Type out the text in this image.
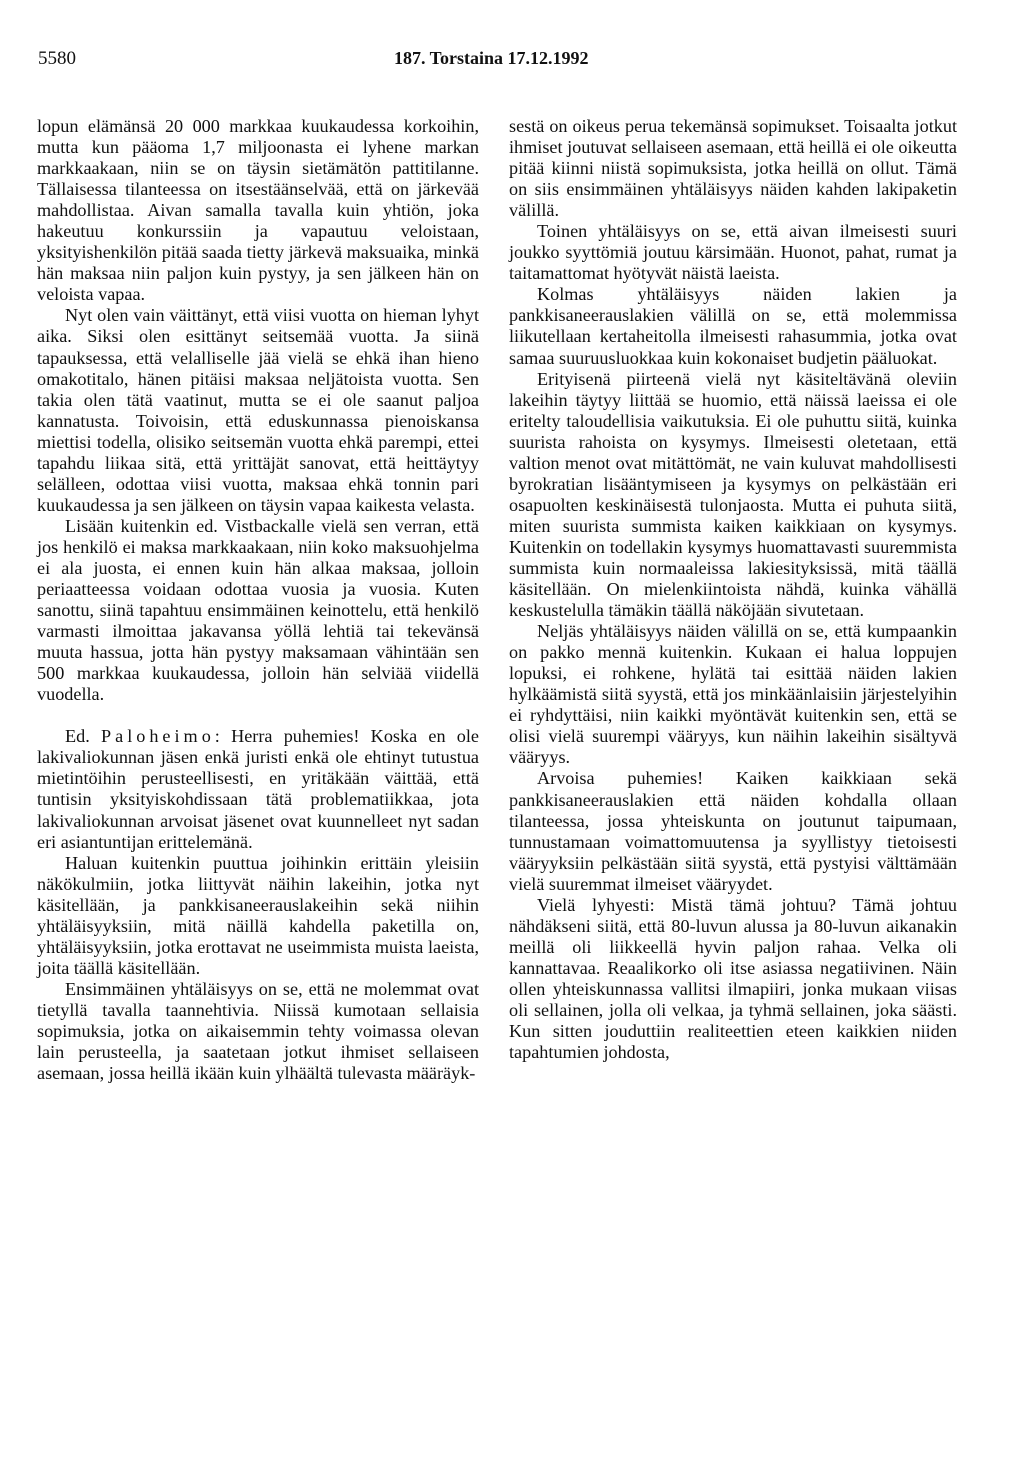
5580	187. Torstaina 17.12.1992

lopun elämänsä 20 000 markkaa kuukaudessa korkoihin, mutta kun pääoma 1,7 miljoonasta ei lyhene markan markkaakaan, niin se on täysin sietämätön pattitilanne. Tällaisessa tilanteessa on itsestäänselvää, että on järkevää mahdollistaa. Aivan samalla tavalla kuin yhtiön, joka hakeutuu konkurssiin ja vapautuu veloistaan, yksityishenkilön pitää saada tietty järkevä maksuaika, minkä hän maksaa niin paljon kuin pystyy, ja sen jälkeen hän on veloista vapaa.

Nyt olen vain väittänyt, että viisi vuotta on hieman lyhyt aika. Siksi olen esittänyt seitsemää vuotta. Ja siinä tapauksessa, että velalliselle jää vielä se ehkä ihan hieno omakotitalo, hänen pitäisi maksaa neljätoista vuotta. Sen takia olen tätä vaatinut, mutta se ei ole saanut paljoa kannatusta. Toivoisin, että eduskunnassa pienoiskansa miettisi todella, olisiko seitsemän vuotta ehkä parempi, ettei tapahdu liikaa sitä, että yrittäjät sanovat, että heittäytyy selälleen, odottaa viisi vuotta, maksaa ehkä tonnin pari kuukaudessa ja sen jälkeen on täysin vapaa kaikesta velasta.

Lisään kuitenkin ed. Vistbackalle vielä sen verran, että jos henkilö ei maksa markkaakaan, niin koko maksuohjelma ei ala juosta, ei ennen kuin hän alkaa maksaa, jolloin periaatteessa voidaan odottaa vuosia ja vuosia. Kuten sanottu, siinä tapahtuu ensimmäinen keinottelu, että henkilö varmasti ilmoittaa jakavansa yöllä lehtiä tai tekevänsä muuta hassua, jotta hän pystyy maksamaan vähintään sen 500 markkaa kuukaudessa, jolloin hän selviää viidellä vuodella.

Ed. Paloheimo: Herra puhemies! Koska en ole lakivaliokunnan jäsen enkä juristi enkä ole ehtinyt tutustua mietintöihin perusteellisesti, en yritäkään väittää, että tuntisin yksityiskohdissaan tätä problematiikkaa, jota lakivaliokunnan arvoisat jäsenet ovat kuunnelleet nyt sadan eri asiantuntijan erittelemänä.

Haluan kuitenkin puuttua joihinkin erittäin yleisiin näkökulmiin, jotka liittyvät näihin lakeihin, jotka nyt käsitellään, ja pankkisaneerauslakeihin sekä niihin yhtäläisyyksiin, mitä näillä kahdella paketilla on, yhtäläisyyksiin, jotka erottavat ne useimmista muista laeista, joita täällä käsitellään.

Ensimmäinen yhtäläisyys on se, että ne molemmat ovat tietyllä tavalla taannehtivia. Niissä kumotaan sellaisia sopimuksia, jotka on aikaisemmin tehty voimassa olevan lain perusteella, ja saatetaan jotkut ihmiset sellaiseen asemaan, jossa heillä ikään kuin ylhäältä tulevasta määräyk-

sestä on oikeus perua tekemänsä sopimukset. Toisaalta jotkut ihmiset joutuvat sellaiseen asemaan, että heillä ei ole oikeutta pitää kiinni niistä sopimuksista, jotka heillä on ollut. Tämä on siis ensimmäinen yhtäläisyys näiden kahden lakipaketin välillä.

Toinen yhtäläisyys on se, että aivan ilmeisesti suuri joukko syyttömiä joutuu kärsimään. Huonot, pahat, rumat ja taitamattomat hyötyvät näistä laeista.

Kolmas yhtäläisyys näiden lakien ja pankkisaneerauslakien välillä on se, että molemmissa liikutellaan kertaheitolla ilmeisesti rahasummia, jotka ovat samaa suuruusluokkaa kuin kokonaiset budjetin pääluokat.

Erityisenä piirteenä vielä nyt käsiteltävänä oleviin lakeihin täytyy liittää se huomio, että näissä laeissa ei ole eritelty taloudellisia vaikutuksia. Ei ole puhuttu siitä, kuinka suurista rahoista on kysymys. Ilmeisesti oletetaan, että valtion menot ovat mitättömät, ne vain kuluvat mahdollisesti byrokratian lisääntymiseen ja kysymys on pelkästään eri osapuolten keskinäisestä tulonjaosta. Mutta ei puhuta siitä, miten suurista summista kaiken kaikkiaan on kysymys. Kuitenkin on todellakin kysymys huomattavasti suuremmista summista kuin normaaleissa lakiesityksissä, mitä täällä käsitellään. On mielenkiintoista nähdä, kuinka vähällä keskustelulla tämäkin täällä näköjään sivutetaan.

Neljäs yhtäläisyys näiden välillä on se, että kumpaankin on pakko mennä kuitenkin. Kukaan ei halua loppujen lopuksi, ei rohkene, hylätä tai esittää näiden lakien hylkäämistä siitä syystä, että jos minkäänlaisiin järjestelyihin ei ryhdyttäisi, niin kaikki myöntävät kuitenkin sen, että se olisi vielä suurempi vääryys, kun näihin lakeihin sisältyvä vääryys.

Arvoisa puhemies! Kaiken kaikkiaan sekä pankkisaneerauslakien että näiden kohdalla ollaan tilanteessa, jossa yhteiskunta on joutunut taipumaan, tunnustamaan voimattomuutensa ja syyllistyy tietoisesti vääryyksiin pelkästään siitä syystä, että pystyisi välttämään vielä suuremmat ilmeiset vääryydet.

Vielä lyhyesti: Mistä tämä johtuu? Tämä johtuu nähdäkseni siitä, että 80-luvun alussa ja 80-luvun aikanakin meillä oli liikkeellä hyvin paljon rahaa. Velka oli kannattavaa. Reaalikorko oli itse asiassa negatiivinen. Näin ollen yhteiskunnassa vallitsi ilmapiiri, jonka mukaan viisas oli sellainen, jolla oli velkaa, ja tyhmä sellainen, joka säästi. Kun sitten jouduttiin realiteettien eteen kaikkien niiden tapahtumien johdosta,
